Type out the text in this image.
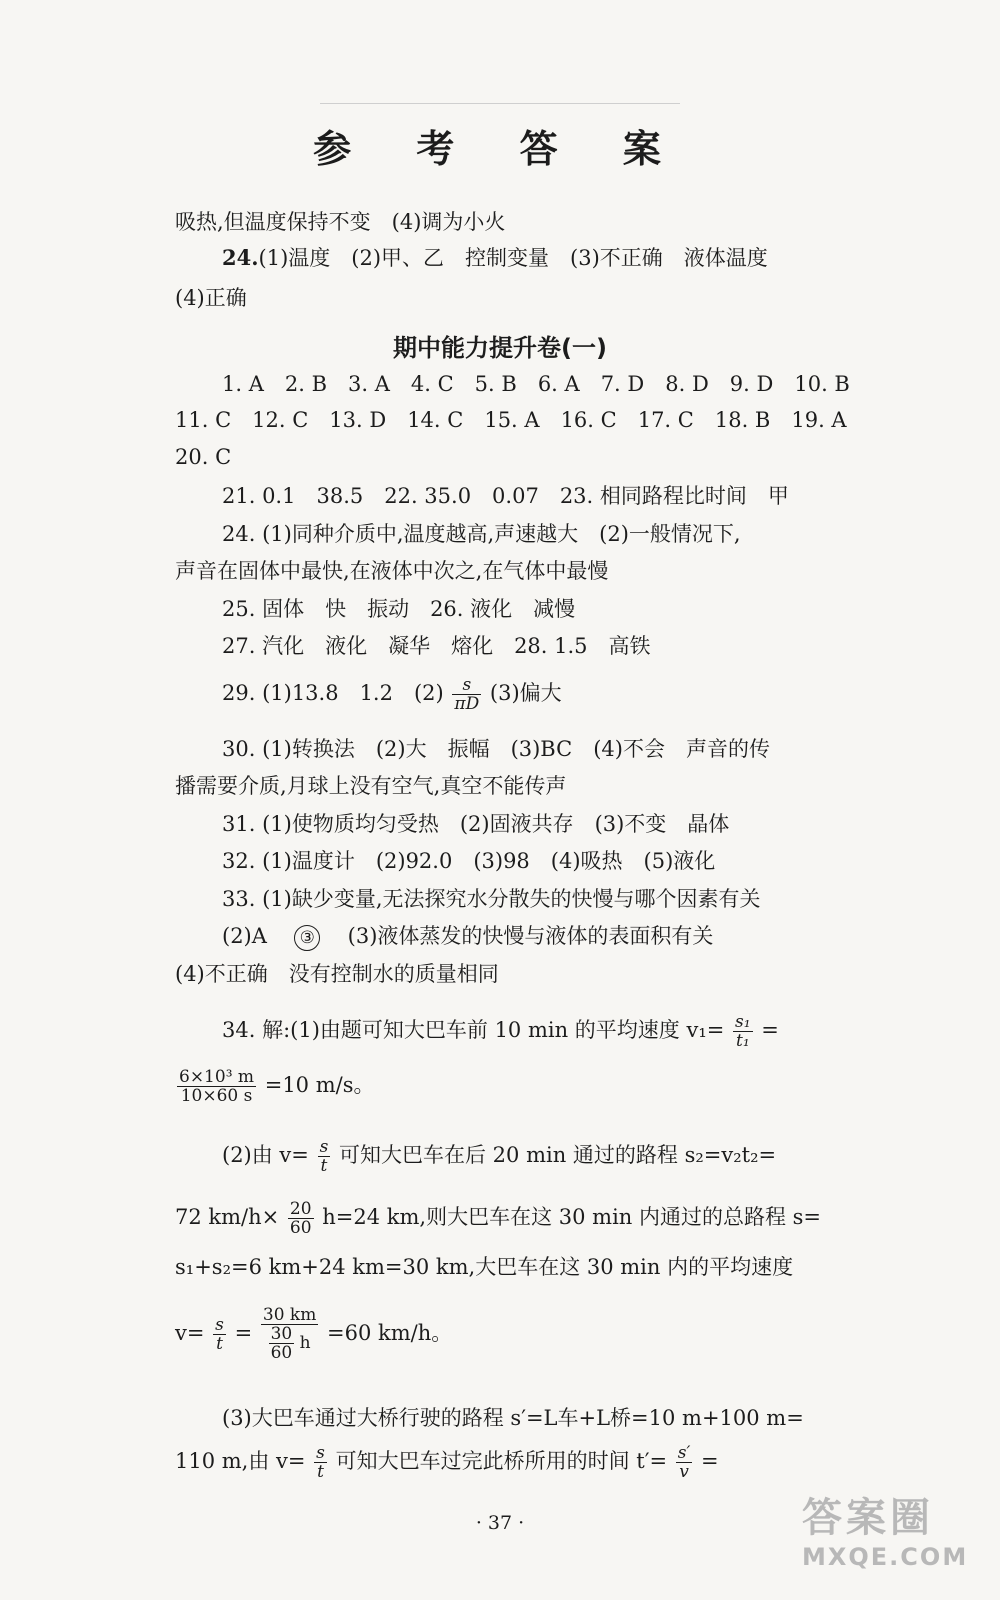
参 考 答 案
吸热,但温度保持不变　(4)调为小火
24.(1)温度　(2)甲、乙　控制变量　(3)不正确　液体温度
(4)正确
期中能力提升卷(一)
1. A　2. B　3. A　4. C　5. B　6. A　7. D　8. D　9. D　10. B
11. C　12. C　13. D　14. C　15. A　16. C　17. C　18. B　19. A
20. C
21. 0.1　38.5　22. 35.0　0.07　23. 相同路程比时间　甲
24. (1)同种介质中,温度越高,声速越大　(2)一般情况下,
声音在固体中最快,在液体中次之,在气体中最慢
25. 固体　快　振动　26. 液化　减慢
27. 汽化　液化　凝华　熔化　28. 1.5　高铁
29. (1)13.8　1.2　$(2) \frac{s}{\pi D} (3)$偏大
30. (1)转换法　(2)大　振幅　(3)BC　(4)不会　声音的传
播需要介质,月球上没有空气,真空不能传声
31. (1)使物质均匀受热　(2)固液共存　(3)不变　晶体
32. (1)温度计　(2)92.0　(3)98　(4)吸热　(5)液化
33. (1)缺少变量,无法探究水分散失的快慢与哪个因素有关
(2)A ③ (3)液体蒸发的快慢与液体的表面积有关
(4)不正确　没有控制水的质量相同
34. 解:(1)由题可知大巴车前 10 min 的平均速度 $v_1= \frac{\text{s₁}}{\text{t₁}}$ =
$\frac{\text{6×10³ m}}{10\times 60 s} =10$ m/s。
(2)由 $v= \frac{s}{t}$ 可知大巴车在后 20 min 通过的路程 s₂=v₂t₂=
72 $km/h\times \frac{20}{60} h=24$ km,则大巴车在这 30 min 内通过的总路程 s=
s₁+s₂=6 km+24 km=30 km,大巴车在这 30 min 内的平均速度
$v= \frac{s}{t} = \frac{30 km}{\frac{30}{60} h} =60$ km/h。
(3)大巴车通过大桥行驶的路程 s′=L车+L桥=10 m+100 m=
110 m,由 $v= \frac{s}{t}$ 可知大巴车过完此桥所用的时间 $t'= \frac{s'}{v}$ =
· 37 ·	答案圈
MXQE.COM
